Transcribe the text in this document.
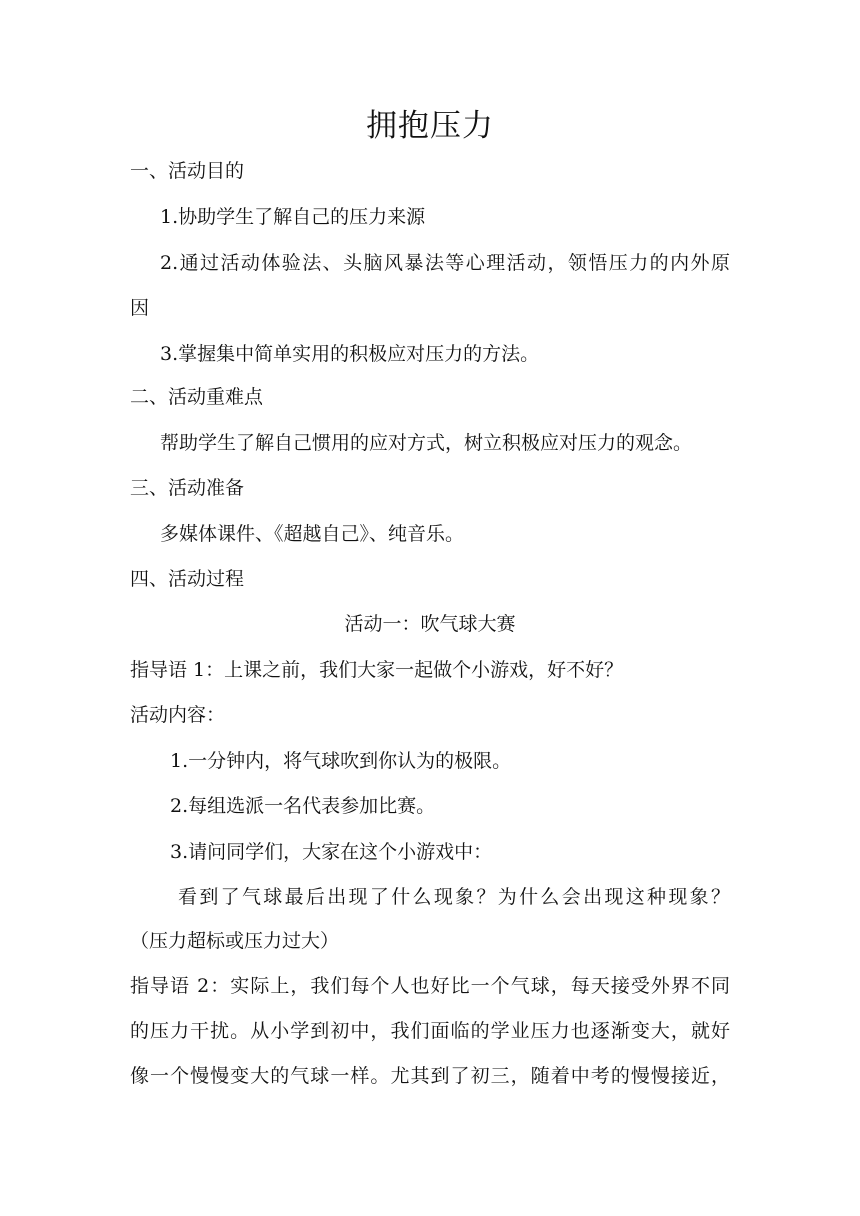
拥抱压力
一、活动目的
1.协助学生了解自己的压力来源
2.通过活动体验法、头脑风暴法等心理活动，领悟压力的内外原
因
3.掌握集中简单实用的积极应对压力的方法。
二、活动重难点
帮助学生了解自己惯用的应对方式，树立积极应对压力的观念。
三、活动准备
多媒体课件、《超越自己》、纯音乐。
四、活动过程
活动一：吹气球大赛
指导语 1：上课之前，我们大家一起做个小游戏，好不好？
活动内容：
1.一分钟内，将气球吹到你认为的极限。
2.每组选派一名代表参加比赛。
3.请问同学们，大家在这个小游戏中：
看到了气球最后出现了什么现象？为什么会出现这种现象？
（压力超标或压力过大）
指导语 2：实际上，我们每个人也好比一个气球，每天接受外界不同
的压力干扰。从小学到初中，我们面临的学业压力也逐渐变大，就好
像一个慢慢变大的气球一样。尤其到了初三，随着中考的慢慢接近，
